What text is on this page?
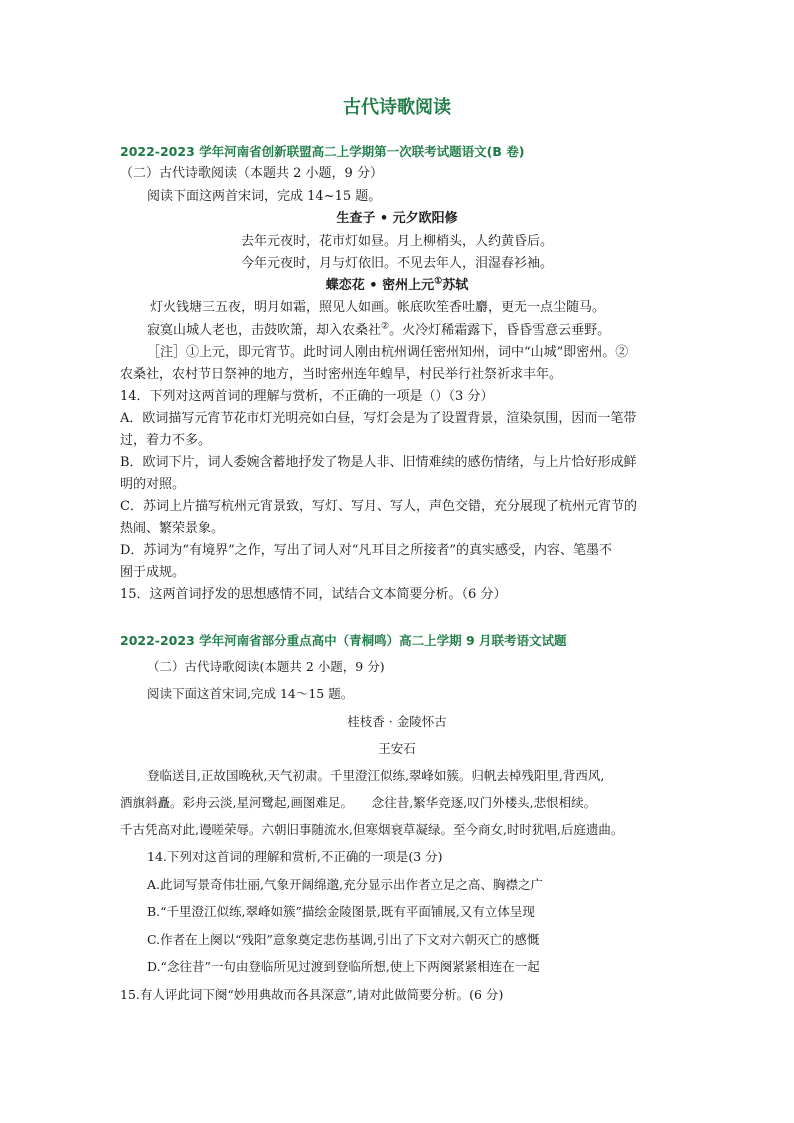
古代诗歌阅读
2022-2023 学年河南省创新联盟高二上学期第一次联考试题语文(B 卷)
（二）古代诗歌阅读（本题共 2 小题，9 分）
阅读下面这两首宋词，完成 14~15 题。
生查子 • 元夕欧阳修
去年元夜时，花市灯如昼。月上柳梢头，人约黄昏后。
今年元夜时，月与灯依旧。不见去年人，泪湿春衫袖。
蝶恋花 • 密州上元①苏轼
灯火钱塘三五夜，明月如霜，照见人如画。帐底吹笙香吐麝，更无一点尘随马。
寂寞山城人老也，击鼓吹箫，却入农桑社②。火冷灯稀霜露下，昏昏雪意云垂野。
［注］①上元，即元宵节。此时词人刚由杭州调任密州知州，词中“山城”即密州。②
农桑社，农村节日祭神的地方，当时密州连年蝗旱，村民举行社祭祈求丰年。
14．下列对这两首词的理解与赏析，不正确的一项是（）（3 分）
A．欧词描写元宵节花市灯光明亮如白昼，写灯会是为了设置背景，渲染氛围，因而一笔带
过，着力不多。
B．欧词下片，词人委婉含蓄地抒发了物是人非、旧情难续的感伤情绪，与上片恰好形成鲜
明的对照。
C．苏词上片描写杭州元宵景致，写灯、写月、写人，声色交错，充分展现了杭州元宵节的
热闹、繁荣景象。
D．苏词为“有境界”之作，写出了词人对“凡耳目之所接者”的真实感受，内容、笔墨不
囿于成规。
15．这两首词抒发的思想感情不同，试结合文本简要分析。（6 分）
2022-2023 学年河南省部分重点高中（青桐鸣）高二上学期 9 月联考语文试题
（二）古代诗歌阅读(本题共 2 小题，9 分)
阅读下面这首宋词,完成 14～15 题。
桂枝香 · 金陵怀古
王安石
登临送目,正故国晚秋,天气初肃。千里澄江似练,翠峰如簇。归帆去棹残阳里,背西风,
酒旗斜矗。彩舟云淡,星河鹭起,画图难足。　　念往昔,繁华竞逐,叹门外楼头,悲恨相续。
千古凭高对此,谩嗟荣辱。六朝旧事随流水,但寒烟衰草凝绿。至今商女,时时犹唱,后庭遗曲。
14.下列对这首词的理解和赏析,不正确的一项是(3 分)
A.此词写景奇伟壮丽,气象开阔绵邈,充分显示出作者立足之高、胸襟之广
B.“千里澄江似练,翠峰如簇”描绘金陵图景,既有平面铺展,又有立体呈现
C.作者在上阕以“残阳”意象奠定悲伤基调,引出了下文对六朝灭亡的感慨
D.“念往昔”一句由登临所见过渡到登临所想,使上下两阕紧紧相连在一起
15.有人评此词下阕“妙用典故而各具深意”,请对此做简要分析。(6 分)
